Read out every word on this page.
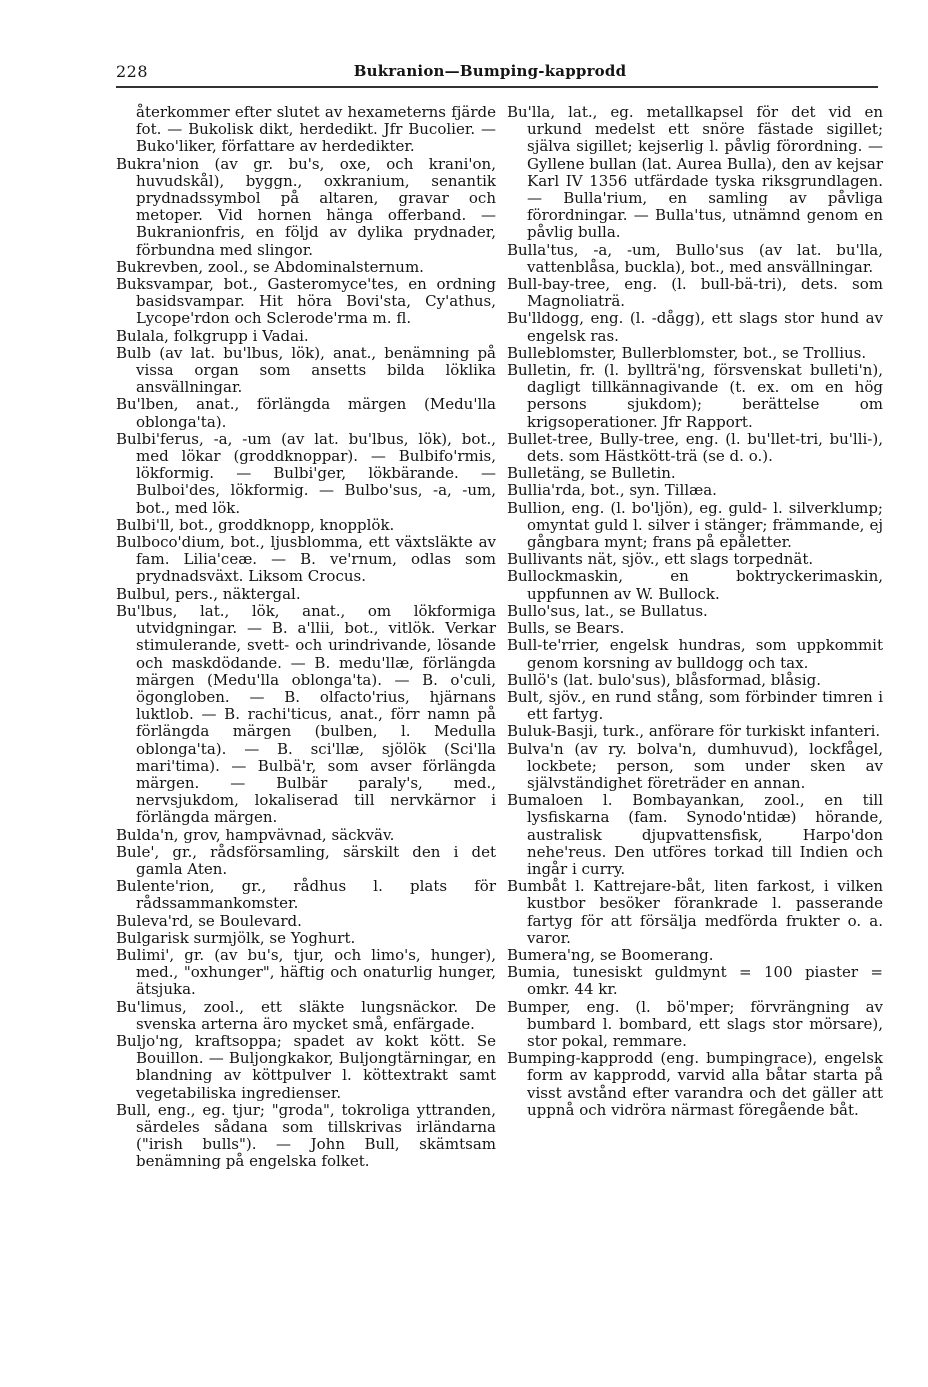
228	Bukranion—Bumping-kapprodd

återkommer efter slutet av hexameterns fjärde fot. — Bukolisk dikt, herdedikt. Jfr Bucolier. — Buko'liker, författare av herdedikter.

Bukra'nion (av gr. bu's, oxe, och krani'on, huvudskål), byggn., oxkranium, senantik prydnadssymbol på altaren, gravar och metoper. Vid hornen hänga offerband. — Bukranionfris, en följd av dylika prydnader, förbundna med slingor.

Bukrevben, zool., se Abdominalsternum.

Buksvampar, bot., Gasteromyce'tes, en ordning basidsvampar. Hit höra Bovi'sta, Cy'athus, Lycope'rdon och Sclerode'rma m. fl.

Bulala, folkgrupp i Vadai.

Bulb (av lat. bu'lbus, lök), anat., benämning på vissa organ som ansetts bilda löklika ansvällningar.

Bu'lben, anat., förlängda märgen (Medu'lla oblonga'ta).

Bulbi'ferus, -a, -um (av lat. bu'lbus, lök), bot., med lökar (groddknoppar). — Bulbifo'rmis, lökformig. — Bulbi'ger, lökbärande. — Bulboi'des, lökformig. — Bulbo'sus, -a, -um, bot., med lök.

Bulbi'll, bot., groddknopp, knopplök.

Bulboco'dium, bot., ljusblomma, ett växtsläkte av fam. Lilia'ceæ. — B. ve'rnum, odlas som prydnadsväxt. Liksom Crocus.

Bulbul, pers., näktergal.

Bu'lbus, lat., lök, anat., om lökformiga utvidgningar. — B. a'llii, bot., vitlök. Verkar stimulerande, svett- och urindrivande, lösande och maskdödande. — B. medu'llæ, förlängda märgen (Medu'lla oblonga'ta). — B. o'culi, ögongloben. — B. olfacto'rius, hjärnans luktlob. — B. rachi'ticus, anat., förr namn på förlängda märgen (bulben, l. Medulla oblonga'ta). — B. sci'llæ, sjölök (Sci'lla mari'tima). — Bulbä'r, som avser förlängda märgen. — Bulbär paraly's, med., nervsjukdom, lokaliserad till nervkärnor i förlängda märgen.

Bulda'n, grov, hampvävnad, säckväv.

Bule', gr., rådsförsamling, särskilt den i det gamla Aten.

Bulente'rion, gr., rådhus l. plats för rådssammankomster.

Buleva'rd, se Boulevard.

Bulgarisk surmjölk, se Yoghurt.

Bulimi', gr. (av bu's, tjur, och limo's, hunger), med., "oxhunger", häftig och onaturlig hunger, ätsjuka.

Bu'limus, zool., ett släkte lungsnäckor. De svenska arterna äro mycket små, enfärgade.

Buljo'ng, kraftsoppa; spadet av kokt kött. Se Bouillon. — Buljongkakor, Buljongtärningar, en blandning av köttpulver l. köttextrakt samt vegetabiliska ingredienser.

Bull, eng., eg. tjur; "groda", tokroliga yttranden, särdeles sådana som tillskrivas irländarna ("irish bulls"). — John Bull, skämtsam benämning på engelska folket.

Bu'lla, lat., eg. metallkapsel för det vid en urkund medelst ett snöre fästade sigillet; själva sigillet; kejserlig l. påvlig förordning. — Gyllene bullan (lat. Aurea Bulla), den av kejsar Karl IV 1356 utfärdade tyska riksgrundlagen. — Bulla'rium, en samling av påvliga förordningar. — Bulla'tus, utnämnd genom en påvlig bulla.

Bulla'tus, -a, -um, Bullo'sus (av lat. bu'lla, vattenblåsa, buckla), bot., med ansvällningar.

Bull-bay-tree, eng. (l. bull-bä-tri), dets. som Magnoliaträ.

Bu'lldogg, eng. (l. -dågg), ett slags stor hund av engelsk ras.

Bulleblomster, Bullerblomster, bot., se Trollius.

Bulletin, fr. (l. byllträ'ng, försvenskat bulleti'n), dagligt tillkännagivande (t. ex. om en hög persons sjukdom); berättelse om krigsoperationer. Jfr Rapport.

Bullet-tree, Bully-tree, eng. (l. bu'llet-tri, bu'lli-), dets. som Hästkött-trä (se d. o.).

Bulletäng, se Bulletin.

Bullia'rda, bot., syn. Tillæa.

Bullion, eng. (l. bo'ljön), eg. guld- l. silverklump; omyntat guld l. silver i stänger; främmande, ej gångbara mynt; frans på epåletter.

Bullivants nät, sjöv., ett slags torpednät.

Bullockmaskin, en boktryckerimaskin, uppfunnen av W. Bullock.

Bullo'sus, lat., se Bullatus.

Bulls, se Bears.

Bull-te'rrier, engelsk hundras, som uppkommit genom korsning av bulldogg och tax.

Bullö's (lat. bulo'sus), blåsformad, blåsig.

Bult, sjöv., en rund stång, som förbinder timren i ett fartyg.

Buluk-Basji, turk., anförare för turkiskt infanteri.

Bulva'n (av ry. bolva'n, dumhuvud), lockfågel, lockbete; person, som under sken av självständighet företräder en annan.

Bumaloen l. Bombayankan, zool., en till lysfiskarna (fam. Synodo'ntidæ) hörande, australisk djupvattensfisk, Harpo'don nehe'reus. Den utföres torkad till Indien och ingår i curry.

Bumbåt l. Kattrejare-båt, liten farkost, i vilken kustbor besöker förankrade l. passerande fartyg för att försälja medförda frukter o. a. varor.

Bumera'ng, se Boomerang.

Bumia, tunesiskt guldmynt = 100 piaster = omkr. 44 kr.

Bumper, eng. (l. bö'mper; förvrängning av bumbard l. bombard, ett slags stor mörsare), stor pokal, remmare.

Bumping-kapprodd (eng. bumpingrace), engelsk form av kapprodd, varvid alla båtar starta på visst avstånd efter varandra och det gäller att uppnå och vidröra närmast föregående båt.
